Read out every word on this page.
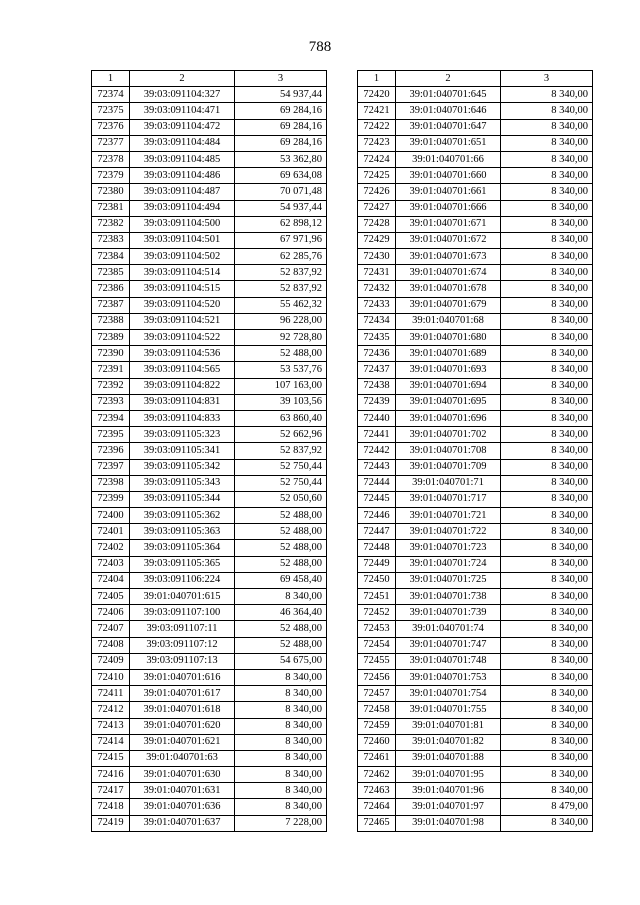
788
1	2	3
72374	39:03:091104:327	54 937,44
72375	39:03:091104:471	69 284,16
72376	39:03:091104:472	69 284,16
72377	39:03:091104:484	69 284,16
72378	39:03:091104:485	53 362,80
72379	39:03:091104:486	69 634,08
72380	39:03:091104:487	70 071,48
72381	39:03:091104:494	54 937,44
72382	39:03:091104:500	62 898,12
72383	39:03:091104:501	67 971,96
72384	39:03:091104:502	62 285,76
72385	39:03:091104:514	52 837,92
72386	39:03:091104:515	52 837,92
72387	39:03:091104:520	55 462,32
72388	39:03:091104:521	96 228,00
72389	39:03:091104:522	92 728,80
72390	39:03:091104:536	52 488,00
72391	39:03:091104:565	53 537,76
72392	39:03:091104:822	107 163,00
72393	39:03:091104:831	39 103,56
72394	39:03:091104:833	63 860,40
72395	39:03:091105:323	52 662,96
72396	39:03:091105:341	52 837,92
72397	39:03:091105:342	52 750,44
72398	39:03:091105:343	52 750,44
72399	39:03:091105:344	52 050,60
72400	39:03:091105:362	52 488,00
72401	39:03:091105:363	52 488,00
72402	39:03:091105:364	52 488,00
72403	39:03:091105:365	52 488,00
72404	39:03:091106:224	69 458,40
72405	39:01:040701:615	8 340,00
72406	39:03:091107:100	46 364,40
72407	39:03:091107:11	52 488,00
72408	39:03:091107:12	52 488,00
72409	39:03:091107:13	54 675,00
72410	39:01:040701:616	8 340,00
72411	39:01:040701:617	8 340,00
72412	39:01:040701:618	8 340,00
72413	39:01:040701:620	8 340,00
72414	39:01:040701:621	8 340,00
72415	39:01:040701:63	8 340,00
72416	39:01:040701:630	8 340,00
72417	39:01:040701:631	8 340,00
72418	39:01:040701:636	8 340,00
72419	39:01:040701:637	7 228,00
1	2	3
72420	39:01:040701:645	8 340,00
72421	39:01:040701:646	8 340,00
72422	39:01:040701:647	8 340,00
72423	39:01:040701:651	8 340,00
72424	39:01:040701:66	8 340,00
72425	39:01:040701:660	8 340,00
72426	39:01:040701:661	8 340,00
72427	39:01:040701:666	8 340,00
72428	39:01:040701:671	8 340,00
72429	39:01:040701:672	8 340,00
72430	39:01:040701:673	8 340,00
72431	39:01:040701:674	8 340,00
72432	39:01:040701:678	8 340,00
72433	39:01:040701:679	8 340,00
72434	39:01:040701:68	8 340,00
72435	39:01:040701:680	8 340,00
72436	39:01:040701:689	8 340,00
72437	39:01:040701:693	8 340,00
72438	39:01:040701:694	8 340,00
72439	39:01:040701:695	8 340,00
72440	39:01:040701:696	8 340,00
72441	39:01:040701:702	8 340,00
72442	39:01:040701:708	8 340,00
72443	39:01:040701:709	8 340,00
72444	39:01:040701:71	8 340,00
72445	39:01:040701:717	8 340,00
72446	39:01:040701:721	8 340,00
72447	39:01:040701:722	8 340,00
72448	39:01:040701:723	8 340,00
72449	39:01:040701:724	8 340,00
72450	39:01:040701:725	8 340,00
72451	39:01:040701:738	8 340,00
72452	39:01:040701:739	8 340,00
72453	39:01:040701:74	8 340,00
72454	39:01:040701:747	8 340,00
72455	39:01:040701:748	8 340,00
72456	39:01:040701:753	8 340,00
72457	39:01:040701:754	8 340,00
72458	39:01:040701:755	8 340,00
72459	39:01:040701:81	8 340,00
72460	39:01:040701:82	8 340,00
72461	39:01:040701:88	8 340,00
72462	39:01:040701:95	8 340,00
72463	39:01:040701:96	8 340,00
72464	39:01:040701:97	8 479,00
72465	39:01:040701:98	8 340,00
